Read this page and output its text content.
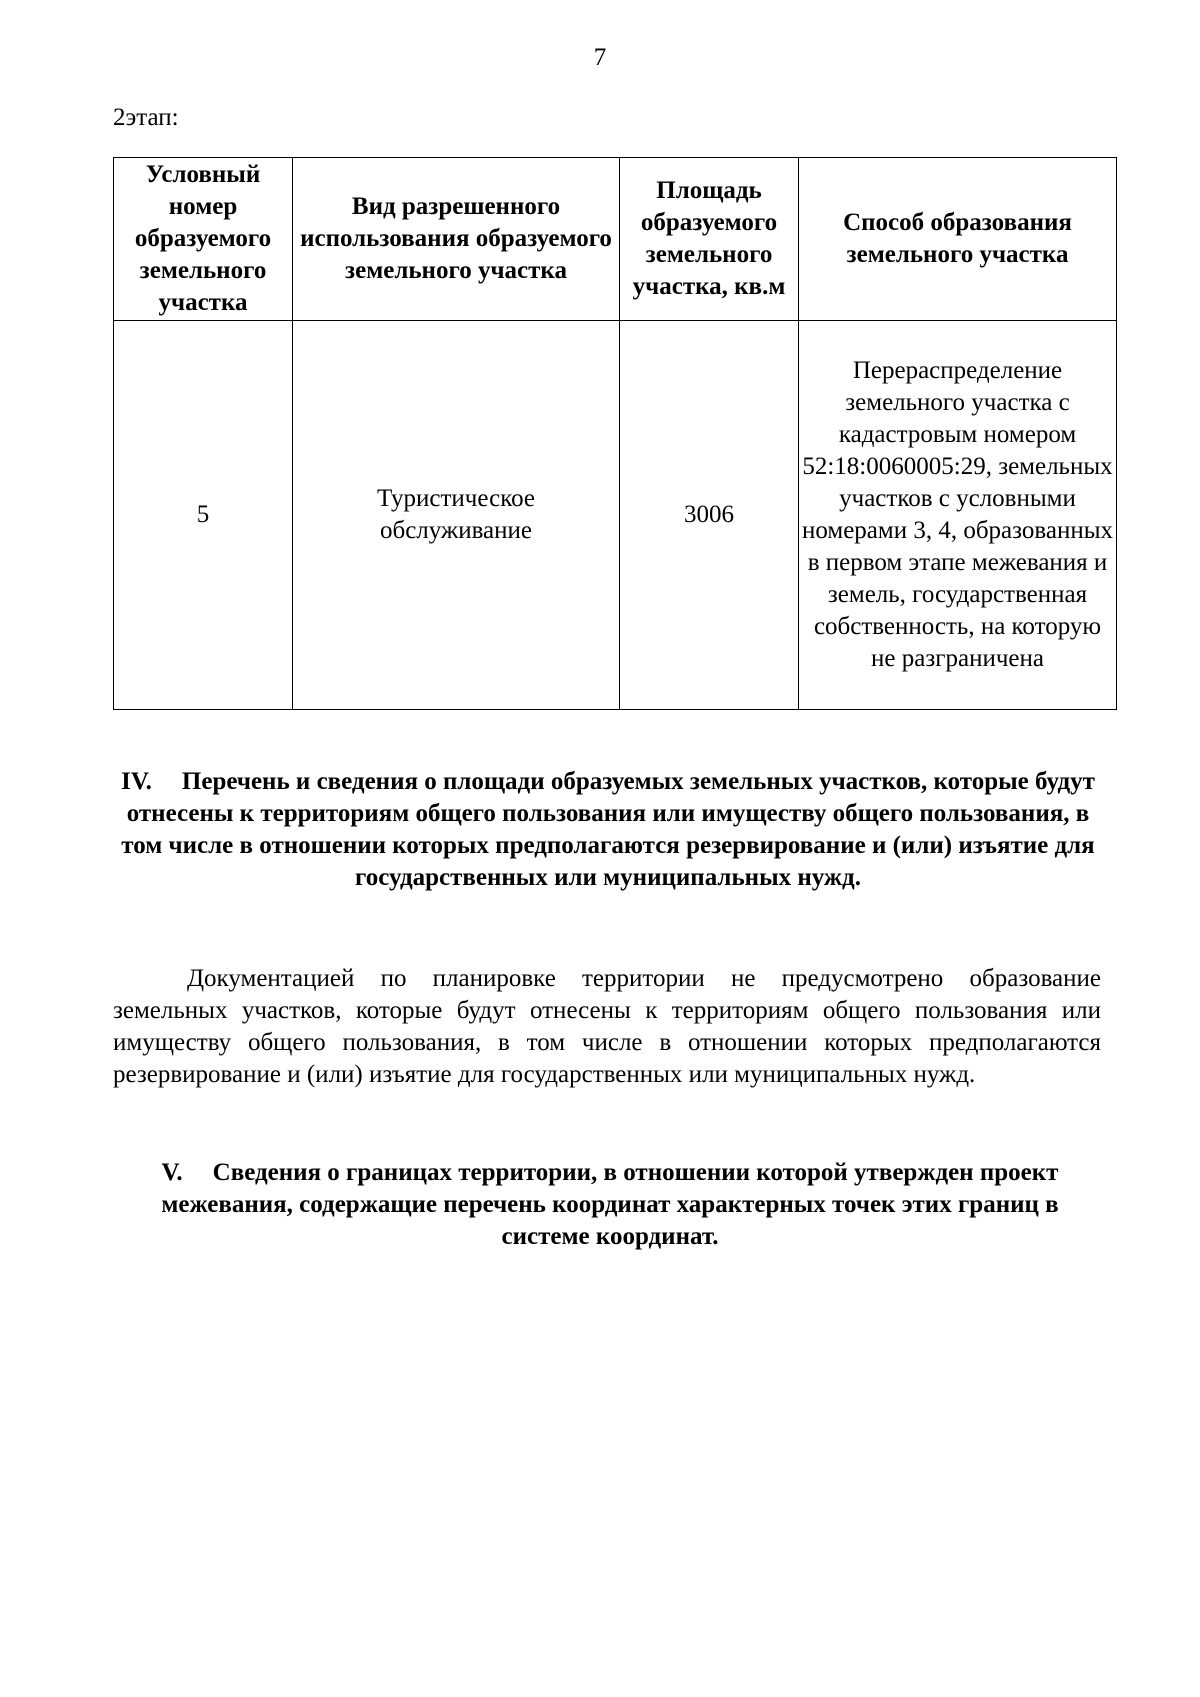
7
2этап:
Условный номер образуемого земельного участка	Вид разрешенного использования образуемого земельного участка	Площадь образуемого земельного участка, кв.м	Способ образования земельного участка
5	Туристическое обслуживание	3006	Перераспределение земельного участка с кадастровым номером 52:18:0060005:29, земельных участков с условными номерами 3, 4, образованных в первом этапе межевания и земель, государственная собственность, на которую не разграничена
IV. Перечень и сведения о площади образуемых земельных участков, которые будут отнесены к территориям общего пользования или имуществу общего пользования, в том числе в отношении которых предполагаются резервирование и (или) изъятие для государственных или муниципальных нужд.
Документацией по планировке территории не предусмотрено образование земельных участков, которые будут отнесены к территориям общего пользования или имуществу общего пользования, в том числе в отношении которых предполагаются резервирование и (или) изъятие для государственных или муниципальных нужд.
V. Сведения о границах территории, в отношении которой утвержден проект межевания, содержащие перечень координат характерных точек этих границ в системе координат.
